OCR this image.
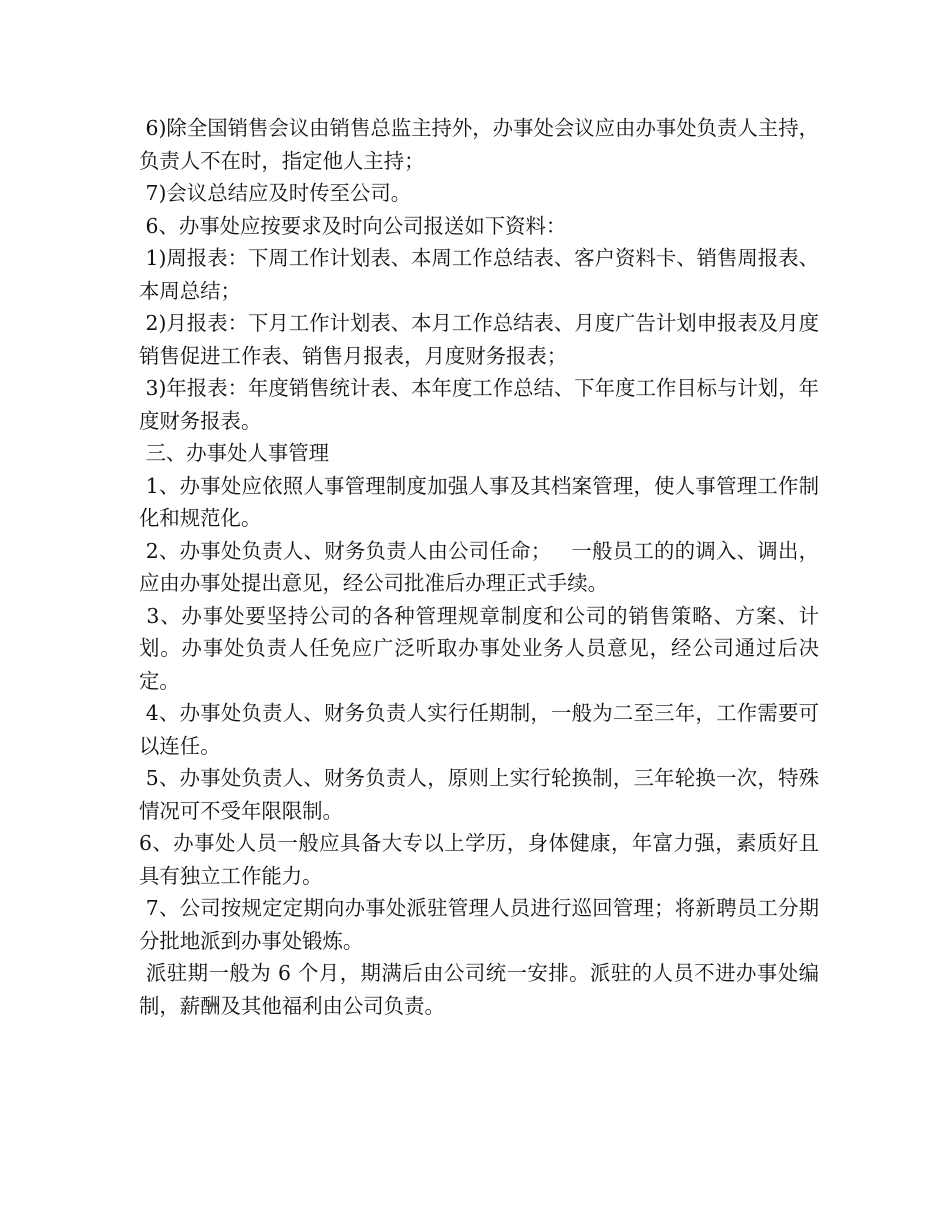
6)除全国销售会议由销售总监主持外，办事处会议应由办事处负责人主持，负责人不在时，指定他人主持；

7)会议总结应及时传至公司。

6、办事处应按要求及时向公司报送如下资料：

1)周报表：下周工作计划表、本周工作总结表、客户资料卡、销售周报表、本周总结；

2)月报表：下月工作计划表、本月工作总结表、月度广告计划申报表及月度销售促进工作表、销售月报表，月度财务报表；

3)年报表：年度销售统计表、本年度工作总结、下年度工作目标与计划，年度财务报表。

三、办事处人事管理

1、办事处应依照人事管理制度加强人事及其档案管理，使人事管理工作制化和规范化。

2、办事处负责人、财务负责人由公司任命；   一般员工的的调入、调出，应由办事处提出意见，经公司批准后办理正式手续。

3、办事处要坚持公司的各种管理规章制度和公司的销售策略、方案、计划。办事处负责人任免应广泛听取办事处业务人员意见，经公司通过后决定。

4、办事处负责人、财务负责人实行任期制，一般为二至三年，工作需要可以连任。

5、办事处负责人、财务负责人，原则上实行轮换制，三年轮换一次，特殊情况可不受年限限制。

6、办事处人员一般应具备大专以上学历，身体健康，年富力强，素质好且具有独立工作能力。

7、公司按规定定期向办事处派驻管理人员进行巡回管理；将新聘员工分期分批地派到办事处锻炼。

派驻期一般为 6 个月，期满后由公司统一安排。派驻的人员不进办事处编制，薪酬及其他福利由公司负责。
